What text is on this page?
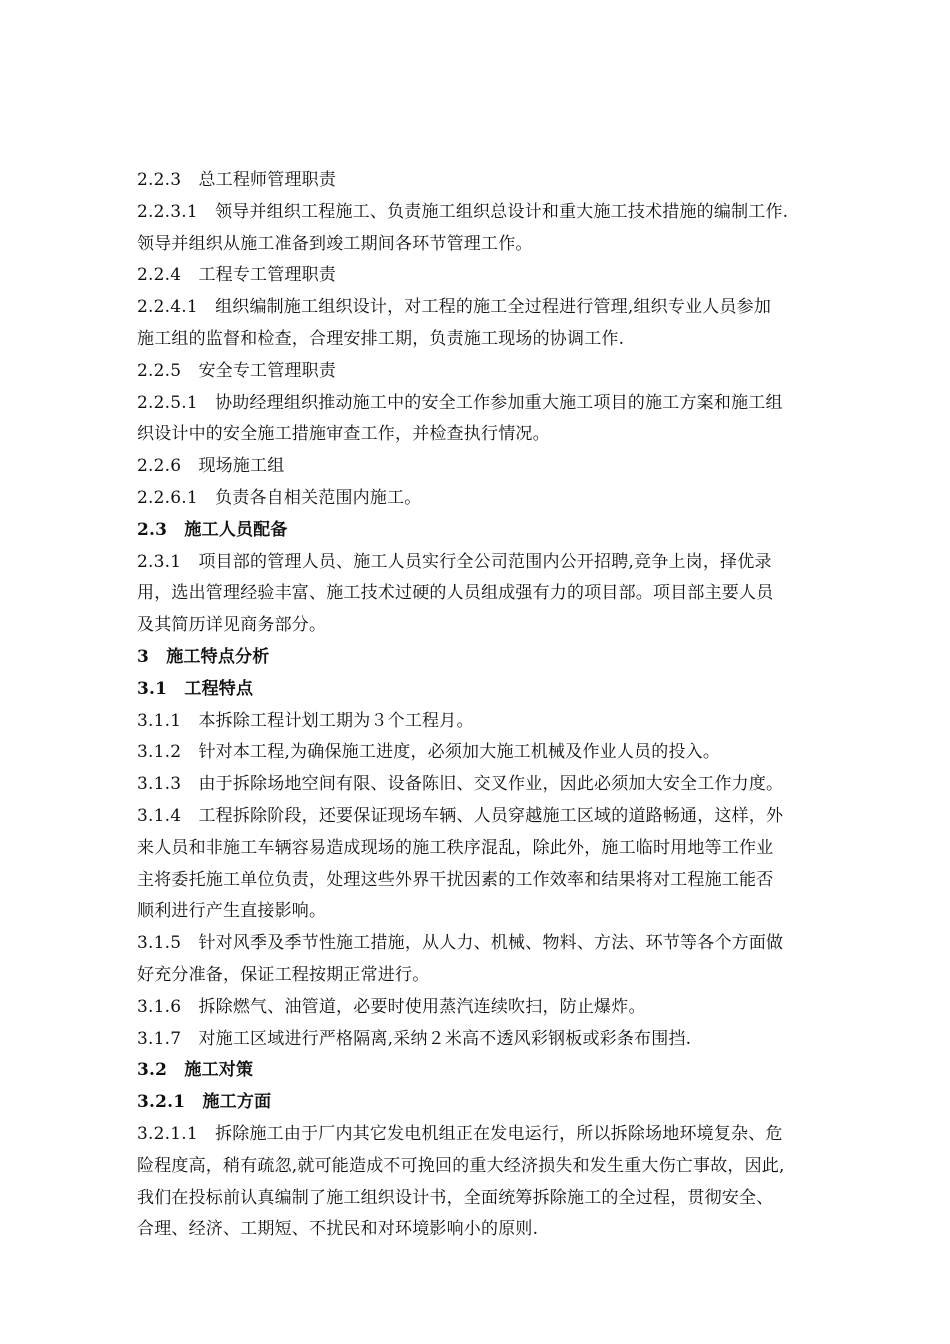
2.2.3　总工程师管理职责
2.2.3.1　领导并组织工程施工、负责施工组织总设计和重大施工技术措施的编制工作.
领导并组织从施工准备到竣工期间各环节管理工作。
2.2.4　工程专工管理职责
2.2.4.1　组织编制施工组织设计，对工程的施工全过程进行管理,组织专业人员参加
施工组的监督和检查，合理安排工期，负责施工现场的协调工作.
2.2.5　安全专工管理职责
2.2.5.1　协助经理组织推动施工中的安全工作参加重大施工项目的施工方案和施工组
织设计中的安全施工措施审查工作，并检查执行情况。
2.2.6　现场施工组
2.2.6.1　负责各自相关范围内施工。
2.3　施工人员配备
2.3.1　项目部的管理人员、施工人员实行全公司范围内公开招聘,竞争上岗，择优录
用，选出管理经验丰富、施工技术过硬的人员组成强有力的项目部。项目部主要人员
及其简历详见商务部分。
3　施工特点分析
3.1　工程特点
3.1.1　本拆除工程计划工期为３个工程月。
3.1.2　针对本工程,为确保施工进度，必须加大施工机械及作业人员的投入。
3.1.3　由于拆除场地空间有限、设备陈旧、交叉作业，因此必须加大安全工作力度。
3.1.4　工程拆除阶段，还要保证现场车辆、人员穿越施工区域的道路畅通，这样，外
来人员和非施工车辆容易造成现场的施工秩序混乱，除此外，施工临时用地等工作业
主将委托施工单位负责，处理这些外界干扰因素的工作效率和结果将对工程施工能否
顺利进行产生直接影响。
3.1.5　针对风季及季节性施工措施，从人力、机械、物料、方法、环节等各个方面做
好充分准备，保证工程按期正常进行。
3.1.6　拆除燃气、油管道，必要时使用蒸汽连续吹扫，防止爆炸。
3.1.7　对施工区域进行严格隔离,采纳２米高不透风彩钢板或彩条布围挡.
3.2　施工对策
3.2.1　施工方面
3.2.1.1　拆除施工由于厂内其它发电机组正在发电运行，所以拆除场地环境复杂、危
险程度高，稍有疏忽,就可能造成不可挽回的重大经济损失和发生重大伤亡事故，因此,
我们在投标前认真编制了施工组织设计书，全面统筹拆除施工的全过程，贯彻安全、
合理、经济、工期短、不扰民和对环境影响小的原则.
